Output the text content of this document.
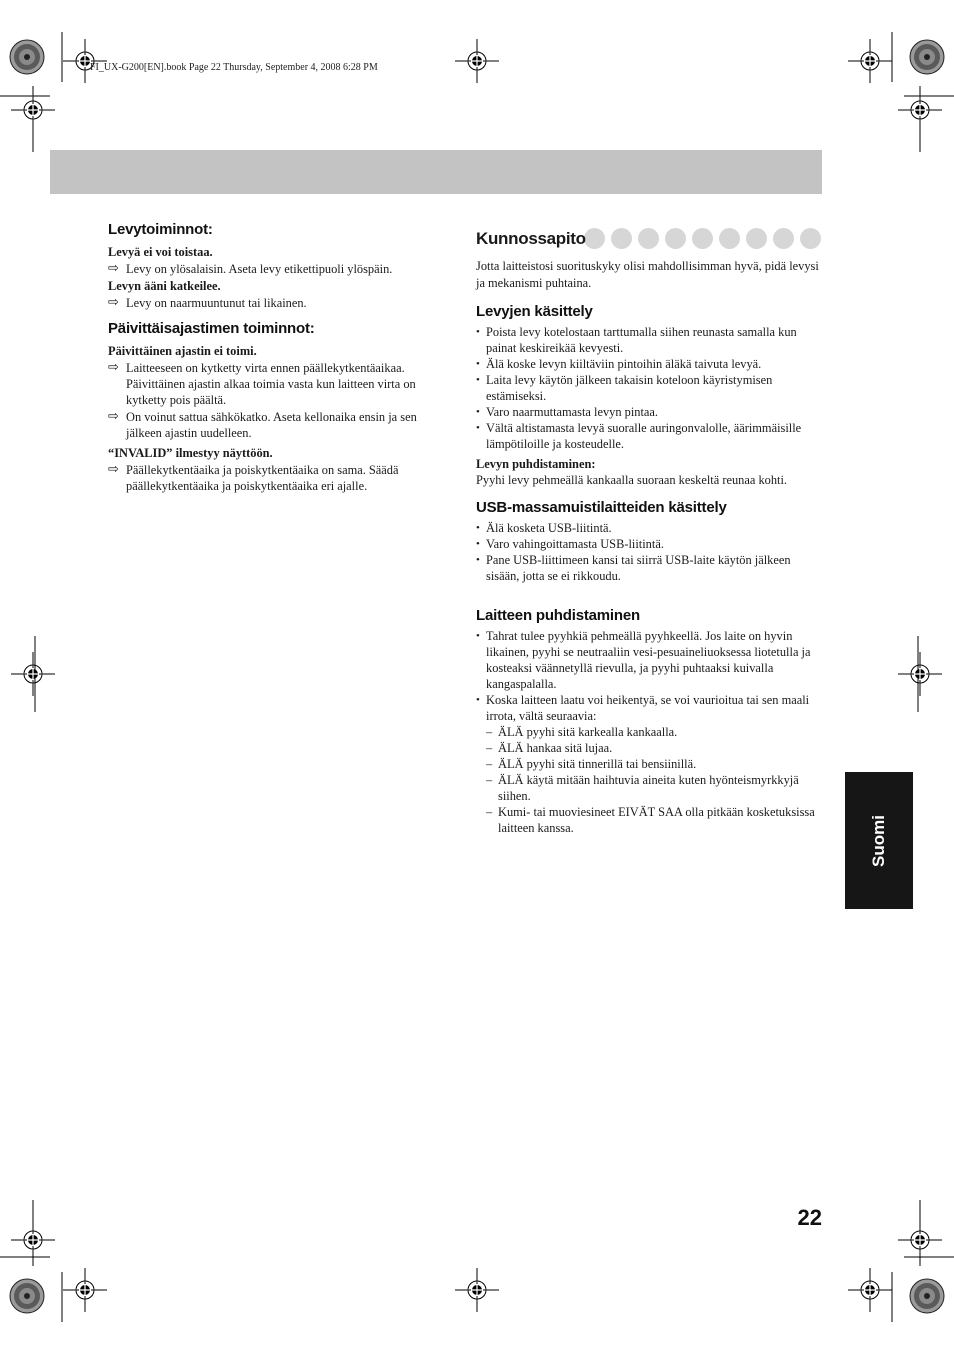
FI_UX-G200[EN].book Page 22 Thursday, September 4, 2008 6:28 PM
Levytoiminnot:
Levyä ei voi toistaa.
⇨ Levy on ylösalaisin. Aseta levy etikettipuoli ylöspäin.
Levyn ääni katkeilee.
⇨ Levy on naarmuuntunut tai likainen.
Päivittäisajastimen toiminnot:
Päivittäinen ajastin ei toimi.
⇨ Laitteeseen on kytketty virta ennen päällekytkentäaikaa. Päivittäinen ajastin alkaa toimia vasta kun laitteen virta on kytketty pois päältä.
⇨ On voinut sattua sähkökatko. Aseta kellonaika ensin ja sen jälkeen ajastin uudelleen.
“INVALID” ilmestyy näyttöön.
⇨ Päällekytkentäaika ja poiskytkentäaika on sama. Säädä päällekytkentäaika ja poiskytkentäaika eri ajalle.
Kunnossapito
Jotta laitteistosi suorituskyky olisi mahdollisimman hyvä, pidä levysi ja mekanismi puhtaina.
Levyjen käsittely
• Poista levy kotelostaan tarttumalla siihen reunasta samalla kun painat keskireikää kevyesti.
• Älä koske levyn kiiltäviin pintoihin äläkä taivuta levyä.
• Laita levy käytön jälkeen takaisin koteloon käyristymisen estämiseksi.
• Varo naarmuttamasta levyn pintaa.
• Vältä altistamasta levyä suoralle auringonvalolle, äärimmäisille lämpötiloille ja kosteudelle.
Levyn puhdistaminen:
Pyyhi levy pehmeällä kankaalla suoraan keskeltä reunaa kohti.
USB-massamuistilaitteiden käsittely
• Älä kosketa USB-liitintä.
• Varo vahingoittamasta USB-liitintä.
• Pane USB-liittimeen kansi tai siirrä USB-laite käytön jälkeen sisään, jotta se ei rikkoudu.
Laitteen puhdistaminen
• Tahrat tulee pyyhkiä pehmeällä pyyhkeellä. Jos laite on hyvin likainen, pyyhi se neutraaliin vesi-pesuaineliuoksessa liotetulla ja kosteaksi väännetyllä rievulla, ja pyyhi puhtaaksi kuivalla kangaspalalla.
• Koska laitteen laatu voi heikentyä, se voi vaurioitua tai sen maali irrota, vältä seuraavia:
– ÄLÄ pyyhi sitä karkealla kankaalla.
– ÄLÄ hankaa sitä lujaa.
– ÄLÄ pyyhi sitä tinnerillä tai bensiinillä.
– ÄLÄ käytä mitään haihtuvia aineita kuten hyönteismyrkkyjä siihen.
– Kumi- tai muoviesineet EIVÄT SAA olla pitkään kosketuksissa laitteen kanssa.	Suomi
22
